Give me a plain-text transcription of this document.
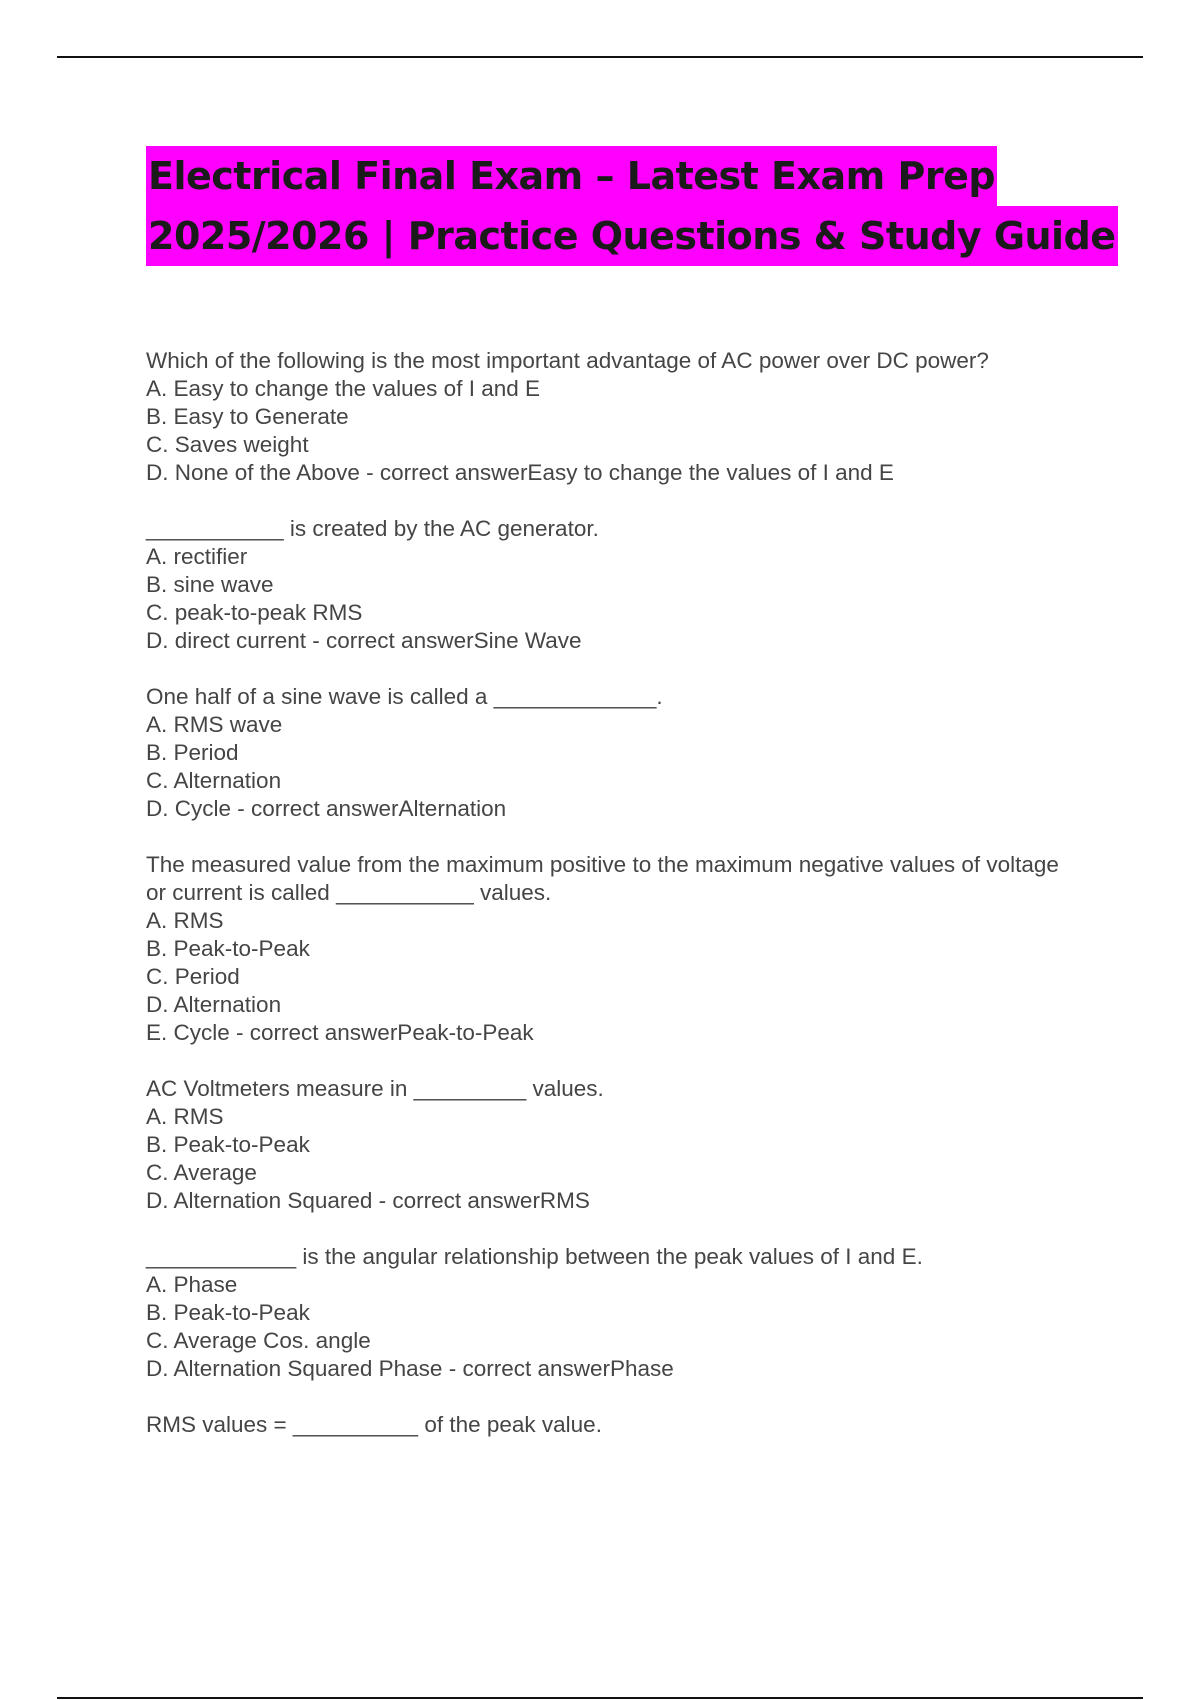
Electrical Final Exam – Latest Exam Prep
2025/2026 | Practice Questions & Study Guide
Which of the following is the most important advantage of AC power over DC power?
A. Easy to change the values of I and E
B. Easy to Generate
C. Saves weight
D. None of the Above - correct answerEasy to change the values of I and E
___________ is created by the AC generator.
A. rectifier
B. sine wave
C. peak-to-peak RMS
D. direct current - correct answerSine Wave
One half of a sine wave is called a _____________.
A. RMS wave
B. Period
C. Alternation
D. Cycle - correct answerAlternation
The measured value from the maximum positive to the maximum negative values of voltage or current is called ___________ values.
A. RMS
B. Peak-to-Peak
C. Period
D. Alternation
E. Cycle - correct answerPeak-to-Peak
AC Voltmeters measure in _________ values.
A. RMS
B. Peak-to-Peak
C. Average
D. Alternation Squared - correct answerRMS
____________ is the angular relationship between the peak values of I and E.
A. Phase
B. Peak-to-Peak
C. Average Cos. angle
D. Alternation Squared Phase - correct answerPhase
RMS values = __________ of the peak value.
